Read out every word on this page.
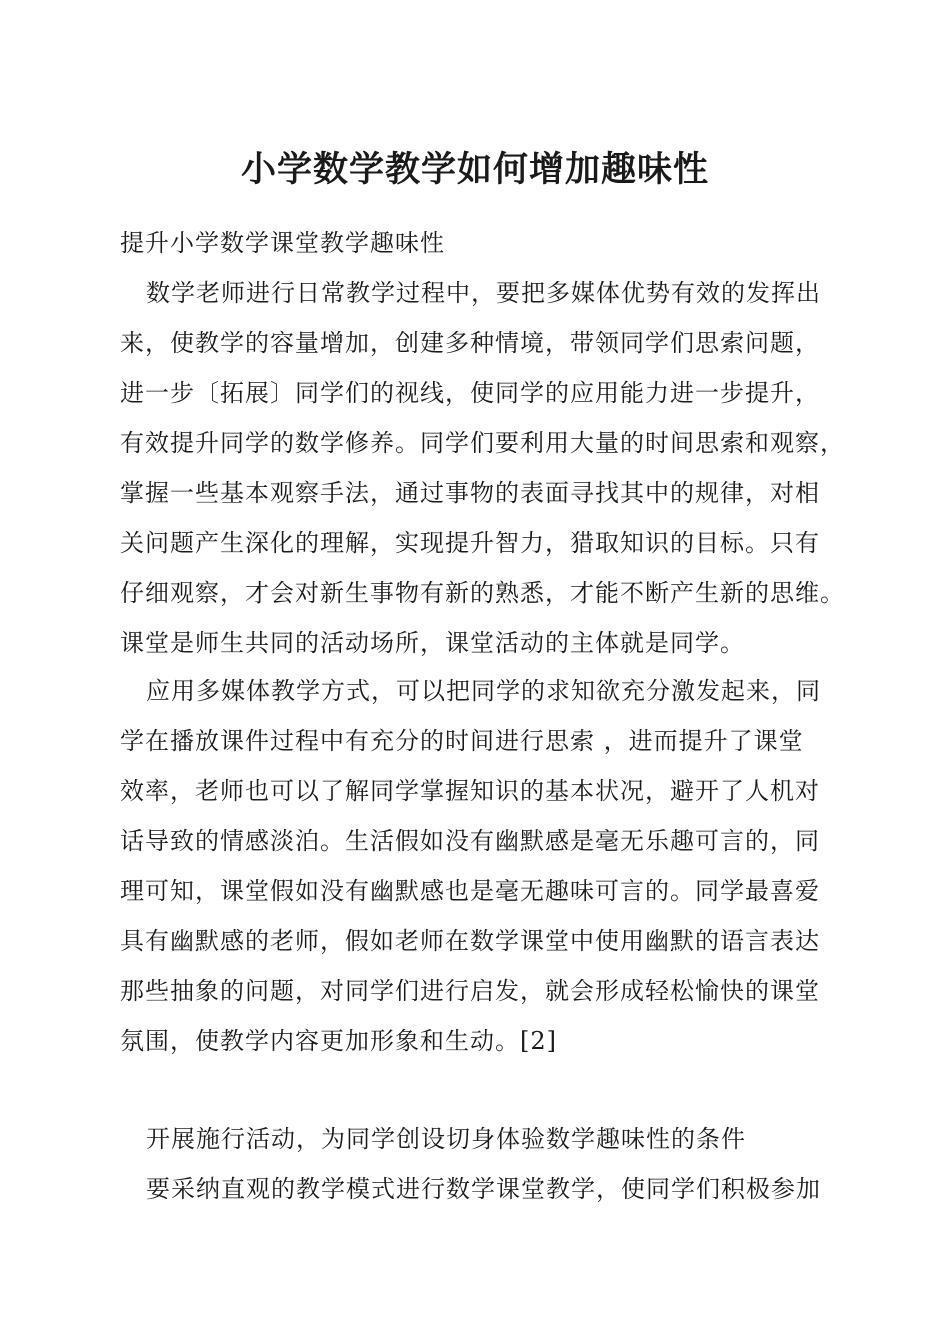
小学数学教学如何增加趣味性
提升小学数学课堂教学趣味性
数学老师进行日常教学过程中，要把多媒体优势有效的发挥出
来，使教学的容量增加，创建多种情境，带领同学们思索问题，
进一步〔拓展〕同学们的视线，使同学的应用能力进一步提升，
有效提升同学的数学修养。同学们要利用大量的时间思索和观察，
掌握一些基本观察手法，通过事物的表面寻找其中的规律，对相
关问题产生深化的理解，实现提升智力，猎取知识的目标。只有
仔细观察，才会对新生事物有新的熟悉，才能不断产生新的思维。
课堂是师生共同的活动场所，课堂活动的主体就是同学。
应用多媒体教学方式，可以把同学的求知欲充分激发起来，同
学在播放课件过程中有充分的时间进行思索 ，进而提升了课堂
效率，老师也可以了解同学掌握知识的基本状况，避开了人机对
话导致的情感淡泊。生活假如没有幽默感是毫无乐趣可言的，同
理可知，课堂假如没有幽默感也是毫无趣味可言的。同学最喜爱
具有幽默感的老师，假如老师在数学课堂中使用幽默的语言表达
那些抽象的问题，对同学们进行启发，就会形成轻松愉快的课堂
氛围，使教学内容更加形象和生动。[2]
开展施行活动，为同学创设切身体验数学趣味性的条件
要采纳直观的教学模式进行数学课堂教学，使同学们积极参加
